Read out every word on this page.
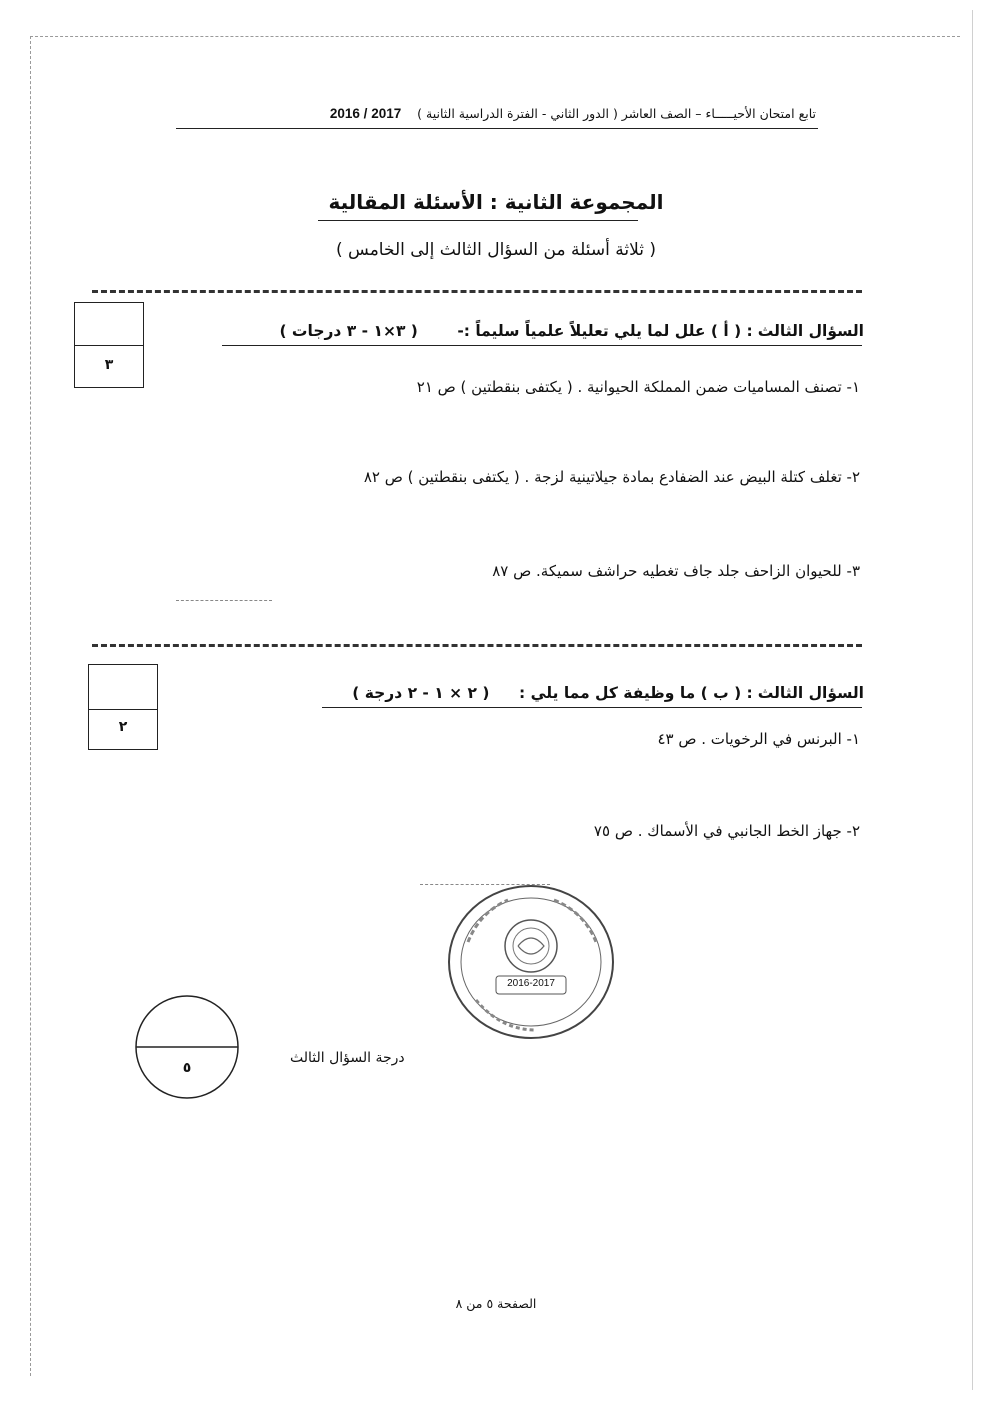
تابع امتحان الأحيـــــاء – الصف العاشر ( الدور الثاني - الفترة الدراسية الثانية )    2017 / 2016
المجموعة الثانية : الأسئلة المقالية
( ثلاثة أسئلة من السؤال الثالث إلى الخامس )
٣
السؤال الثالث : ( أ ) علل لما يلي تعليلاً علمياً سليماً :-        ( ٣×١ - ٣ درجات )
١- تصنف المساميات ضمن المملكة الحيوانية . ( يكتفى بنقطتين ) ص ٢١
٢- تغلف كتلة البيض عند الضفادع بمادة جيلاتينية لزجة . ( يكتفى بنقطتين ) ص ٨٢
٣- للحيوان الزاحف جلد جاف تغطيه حراشف سميكة. ص ٨٧
٢
السؤال الثالث : ( ب ) ما وظيفة كل مما يلي :      ( ٢ × ١ - ٢ درجة )
١- البرنس في الرخويات . ص ٤٣
٢- جهاز الخط الجانبي في الأسماك . ص ٧٥
2016-2017
٥
درجة السؤال الثالث
الصفحة ٥ من ٨
